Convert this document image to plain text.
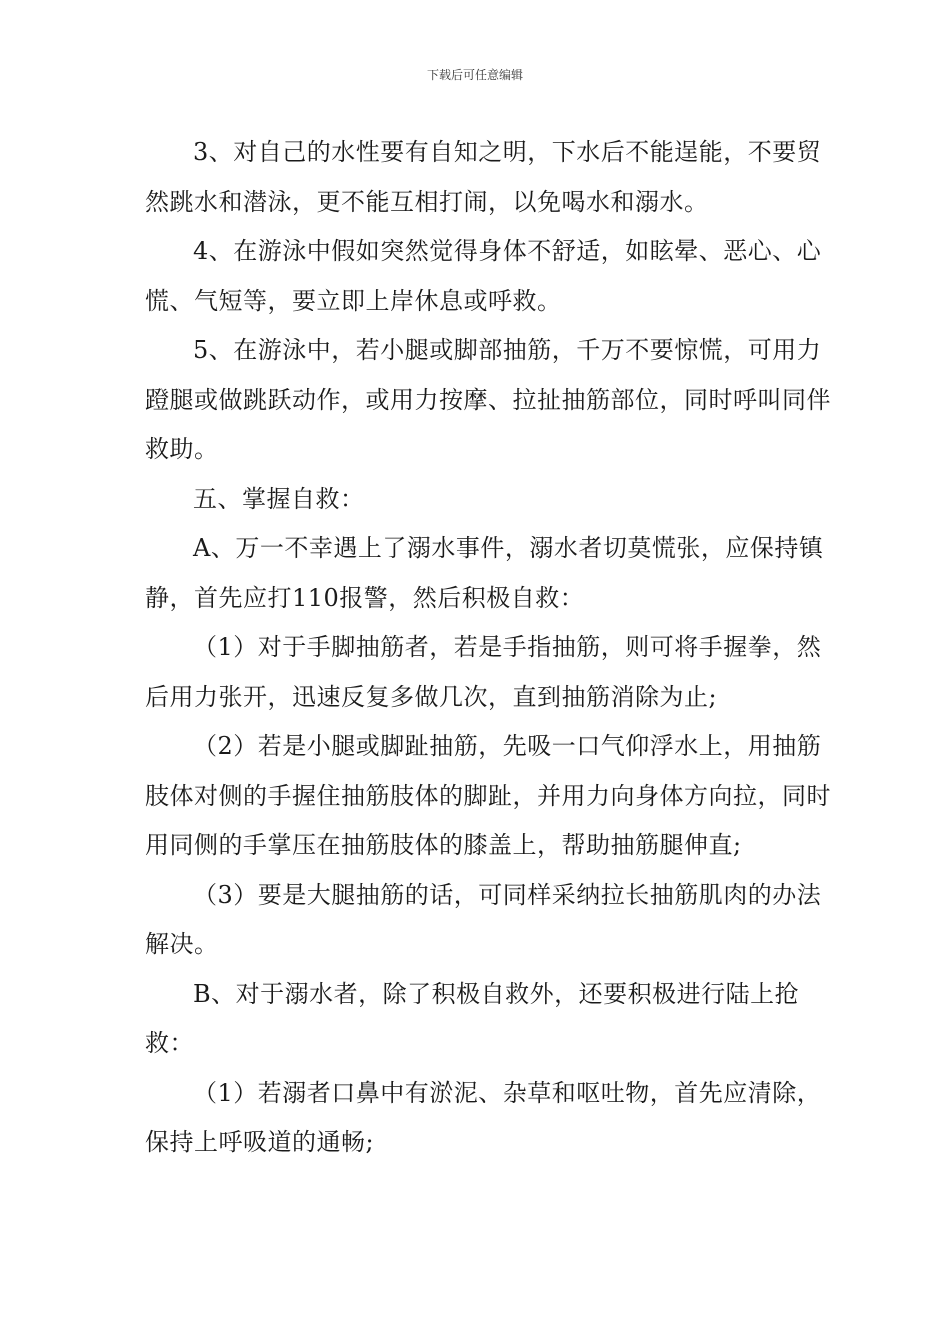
下载后可任意编辑

3、对自己的水性要有自知之明，下水后不能逞能，不要贸然跳水和潜泳，更不能互相打闹，以免喝水和溺水。

4、在游泳中假如突然觉得身体不舒适，如眩晕、恶心、心慌、气短等，要立即上岸休息或呼救。

5、在游泳中，若小腿或脚部抽筋，千万不要惊慌，可用力蹬腿或做跳跃动作，或用力按摩、拉扯抽筋部位，同时呼叫同伴救助。

五、掌握自救：

A、万一不幸遇上了溺水事件，溺水者切莫慌张，应保持镇静，首先应打110报警，然后积极自救：

（1）对于手脚抽筋者，若是手指抽筋，则可将手握拳，然后用力张开，迅速反复多做几次，直到抽筋消除为止;

（2）若是小腿或脚趾抽筋，先吸一口气仰浮水上，用抽筋肢体对侧的手握住抽筋肢体的脚趾，并用力向身体方向拉，同时用同侧的手掌压在抽筋肢体的膝盖上，帮助抽筋腿伸直;

（3）要是大腿抽筋的话，可同样采纳拉长抽筋肌肉的办法解决。

B、对于溺水者，除了积极自救外，还要积极进行陆上抢救：

（1）若溺者口鼻中有淤泥、杂草和呕吐物，首先应清除，保持上呼吸道的通畅;
